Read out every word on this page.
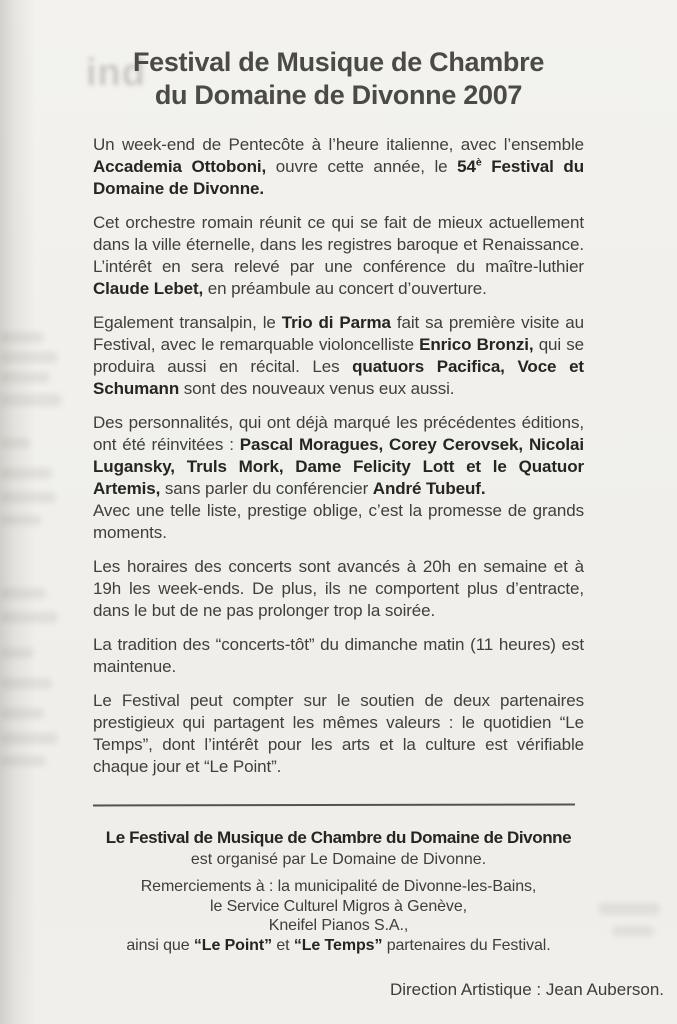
ind
Festival de Musique de Chambre
du Domaine de Divonne 2007

Un week-end de Pentecôte à l’heure italienne, avec l’ensemble Accademia Ottoboni, ouvre cette année, le $54^è$ Festival du Domaine de Divonne.

Cet orchestre romain réunit ce qui se fait de mieux actuellement dans la ville éternelle, dans les registres baroque et Renaissance. L’intérêt en sera relevé par une conférence du maître-luthier Claude Lebet, en préambule au concert d’ouverture.

Egalement transalpin, le Trio di Parma fait sa première visite au Festival, avec le remarquable violoncelliste Enrico Bronzi, qui se produira aussi en récital. Les quatuors Pacifica, Voce et Schumann sont des nouveaux venus eux aussi.

Des personnalités, qui ont déjà marqué les précédentes éditions, ont été réinvitées : Pascal Moragues, Corey Cerovsek, Nicolai Lugansky, Truls Mork, Dame Felicity Lott et le Quatuor Artemis, sans parler du conférencier André Tubeuf.

Avec une telle liste, prestige oblige, c’est la promesse de grands moments.

Les horaires des concerts sont avancés à 20h en semaine et à 19h les week-ends. De plus, ils ne comportent plus d’entracte, dans le but de ne pas prolonger trop la soirée.

La tradition des “concerts-tôt” du dimanche matin (11 heures) est maintenue.

Le Festival peut compter sur le soutien de deux partenaires prestigieux qui partagent les mêmes valeurs : le quotidien “Le Temps”, dont l’intérêt pour les arts et la culture est vérifiable chaque jour et “Le Point”.

Le Festival de Musique de Chambre du Domaine de Divonne
est organisé par Le Domaine de Divonne.
Remerciements à : la municipalité de Divonne-les-Bains,
le Service Culturel Migros à Genève,
Kneifel Pianos S.A.,
ainsi que “Le Point” et “Le Temps” partenaires du Festival.
Direction Artistique : Jean Auberson.
